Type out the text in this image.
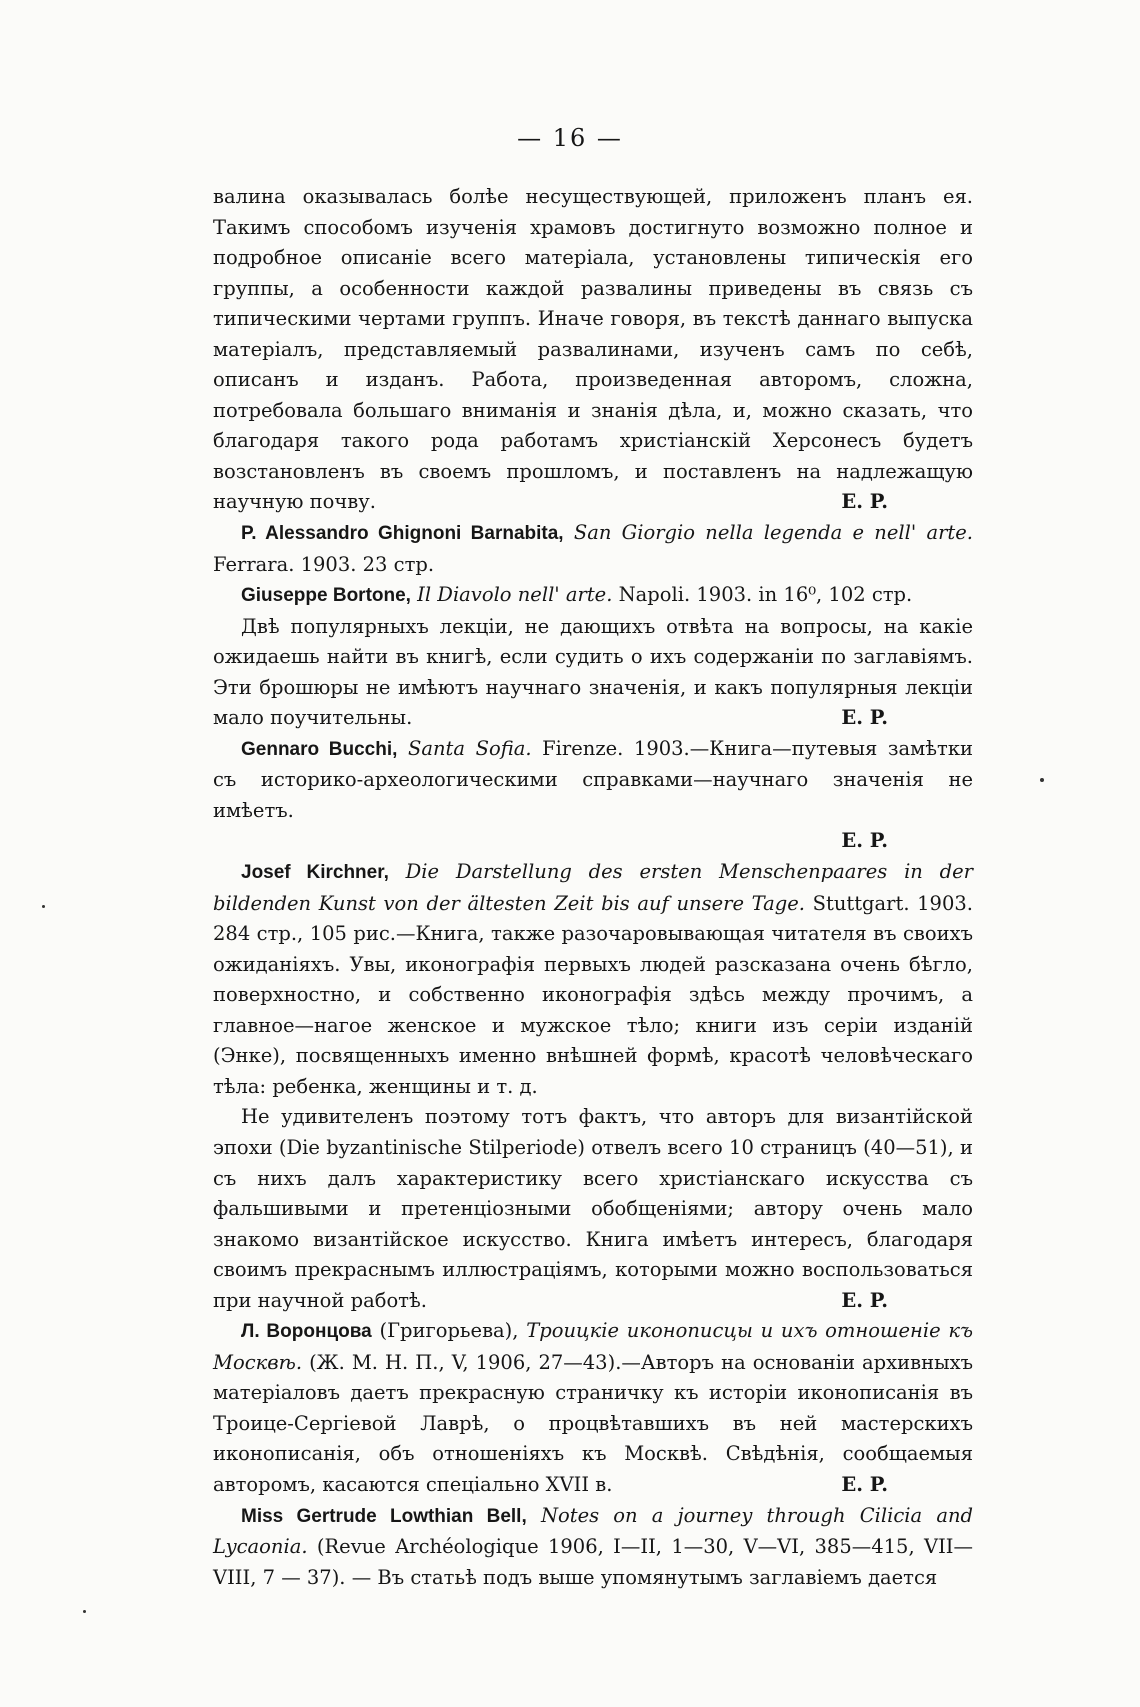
— 16 —

валина оказывалась болѣе несуществующей, приложенъ планъ ея. Такимъ способомъ изученія храмовъ достигнуто возможно полное и подробное описаніе всего матеріала, установлены типическія его группы, а особенности каждой развалины приведены въ связь съ типическими чертами группъ. Иначе говоря, въ текстѣ даннаго выпуска матеріалъ, представляемый развалинами, изученъ самъ по себѣ, описанъ и изданъ. Работа, произведенная авторомъ, сложна, потребовала большаго вниманія и знанія дѣла, и, можно сказать, что благодаря такого рода работамъ христіанскій Херсонесъ будетъ возстановленъ въ своемъ прошломъ, и поставленъ на надлежащую научную почву.	E. P.

P. Alessandro Ghignoni Barnabita, San Giorgio nella legenda e nell' arte. Ferrara. 1903. 23 стр.

Giuseppe Bortone, Il Diavolo nell' arte. Napoli. 1903. in 16⁰, 102 стр.

Двѣ популярныхъ лекціи, не дающихъ отвѣта на вопросы, на какіе ожидаешь найти въ книгѣ, если судить о ихъ содержаніи по заглавіямъ. Эти брошюры не имѣютъ научнаго значенія, и какъ популярныя лекціи мало поучительны.	E. P.

Gennaro Bucchi, Santa Sofia. Firenze. 1903.—Книга—путевыя замѣтки съ историко-археологическими справками—научнаго значенія не имѣетъ.

E. P.

Josef Kirchner, Die Darstellung des ersten Menschenpaares in der bildenden Kunst von der ältesten Zeit bis auf unsere Tage. Stuttgart. 1903. 284 стр., 105 рис.—Книга, также разочаровывающая читателя въ своихъ ожиданіяхъ. Увы, иконографія первыхъ людей разсказана очень бѣгло, поверхностно, и собственно иконографія здѣсь между прочимъ, а главное—нагое женское и мужское тѣло; книги изъ серіи изданій (Энке), посвященныхъ именно внѣшней формѣ, красотѣ человѣческаго тѣла: ребенка, женщины и т. д.

Не удивителенъ поэтому тотъ фактъ, что авторъ для византійской эпохи (Die byzantinische Stilperiode) отвелъ всего 10 страницъ (40—51), и съ нихъ далъ характеристику всего христіанскаго искусства съ фальшивыми и претенціозными обобщеніями; автору очень мало знакомо византійское искусство. Книга имѣетъ интересъ, благодаря своимъ прекраснымъ иллюстраціямъ, которыми можно воспользоваться при научной работѣ.	E. P.

Л. Воронцова (Григорьева), Троицкіе иконописцы и ихъ отношеніе къ Москвѣ. (Ж. М. Н. П., V, 1906, 27—43).—Авторъ на основаніи архивныхъ матеріаловъ даетъ прекрасную страничку къ исторіи иконописанія въ Троице-Сергіевой Лаврѣ, о процвѣтавшихъ въ ней мастерскихъ иконописанія, объ отношеніяхъ къ Москвѣ. Свѣдѣнія, сообщаемыя авторомъ, касаются спеціально XVII в.	E. P.

Miss Gertrude Lowthian Bell, Notes on a journey through Cilicia and Lycaonia. (Revue Archéologique 1906, I—II, 1—30, V—VI, 385—415, VII—VIII, 7 — 37). — Въ статьѣ подъ выше упомянутымъ заглавіемъ дается
